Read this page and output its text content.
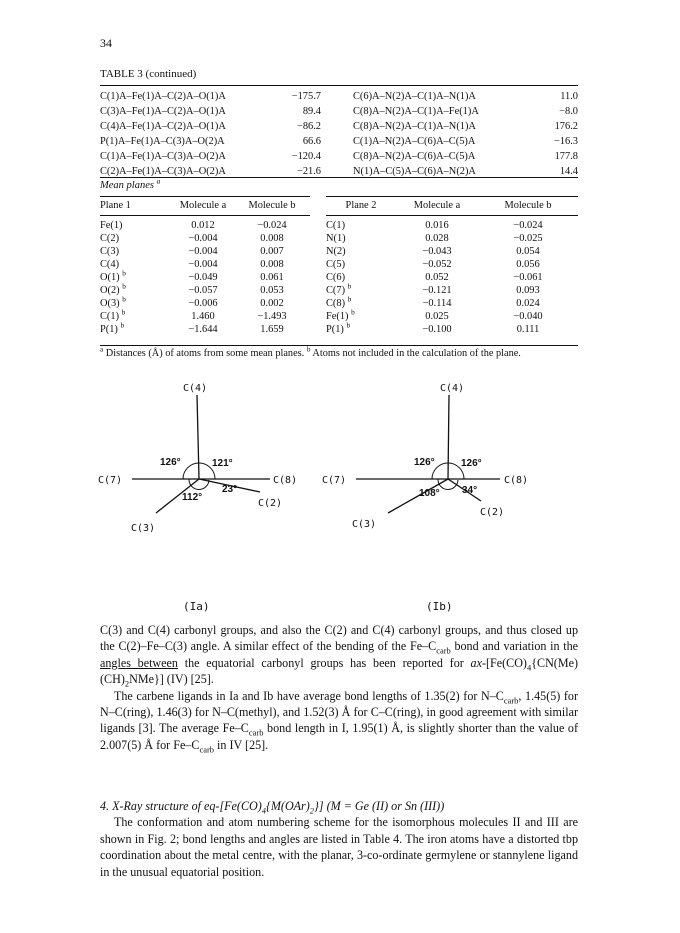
34
TABLE 3 (continued)
C(1)A–Fe(1)A–C(2)A–O(1)A	−175.7	C(6)A–N(2)A–C(1)A–N(1)A	11.0
C(3)A–Fe(1)A–C(2)A–O(1)A	89.4	C(8)A–N(2)A–C(1)A–Fe(1)A	−8.0
C(4)A–Fe(1)A–C(2)A–O(1)A	−86.2	C(8)A–N(2)A–C(1)A–N(1)A	176.2
P(1)A–Fe(1)A–C(3)A–O(2)A	66.6	C(1)A–N(2)A–C(6)A–C(5)A	−16.3
C(1)A–Fe(1)A–C(3)A–O(2)A	−120.4	C(8)A–N(2)A–C(6)A–C(5)A	177.8
C(2)A–Fe(1)A–C(3)A–O(2)A	−21.6	N(1)A–C(5)A–C(6)A–N(2)A	14.4
Mean planes $^a$
Plane 1	Molecule a	Molecule b
Fe(1)	0.012	−0.024
C(2)	−0.004	0.008
C(3)	−0.004	0.007
C(4)	−0.004	0.008
O(1) $^b$	−0.049	0.061
O(2) $^b$	−0.057	0.053
O(3) $^b$	−0.006	0.002
C(1) $^b$	1.460	−1.493
P(1) $^b$	−1.644	1.659
Plane 2	Molecule a	Molecule b
C(1)	0.016	−0.024
N(1)	0.028	−0.025
N(2)	−0.043	0.054
C(5)	−0.052	0.056
C(6)	0.052	−0.061
C(7) $^b$	−0.121	0.093
C(8) $^b$	−0.114	0.024
Fe(1) $^b$	0.025	−0.040
P(1) $^b$	−0.100	0.111
$^a$ Distances (Å) of atoms from some mean planes. $^b$ Atoms not included in the calculation of the plane.
C(4)
C(7)	C(8)
C(2)
C(3)
126°	121°
23°
112°
C(4)
C(7)	C(8)
C(2)
C(3)
126°	126°
34°
108°
(Ia)	(Ib)

C(3) and C(4) carbonyl groups, and also the C(2) and C(4) carbonyl groups, and thus closed up the C(2)–Fe–C(3) angle. A similar effect of the bending of the $Fe-C_{carb}$ bond and variation in the angles between the equatorial carbonyl groups has been reported for $ax-[Fe(CO)_4\{CN(Me)(CH)_2NMe\}]$ (IV) [25].

The carbene ligands in Ia and Ib have average bond lengths of 1.35(2) for $N-C_{carb}$, 1.45(5) for N–C(ring), 1.46(3) for N–C(methyl), and 1.52(3) Å for C–C(ring), in good agreement with similar ligands [3]. The average $Fe-C_{carb}$ bond length in I, 1.95(1) Å, is slightly shorter than the value of 2.007(5) Å for $Fe-C_{carb}$ in IV [25].

4. X-Ray structure of $eq-[Fe(CO)_4\{M(OAr)_2\}] (M = Ge$ (II) or Sn (III))

The conformation and atom numbering scheme for the isomorphous molecules II and III are shown in Fig. 2; bond lengths and angles are listed in Table 4. The iron atoms have a distorted tbp coordination about the metal centre, with the planar, 3-co-ordinate germylene or stannylene ligand in the unusual equatorial position.
